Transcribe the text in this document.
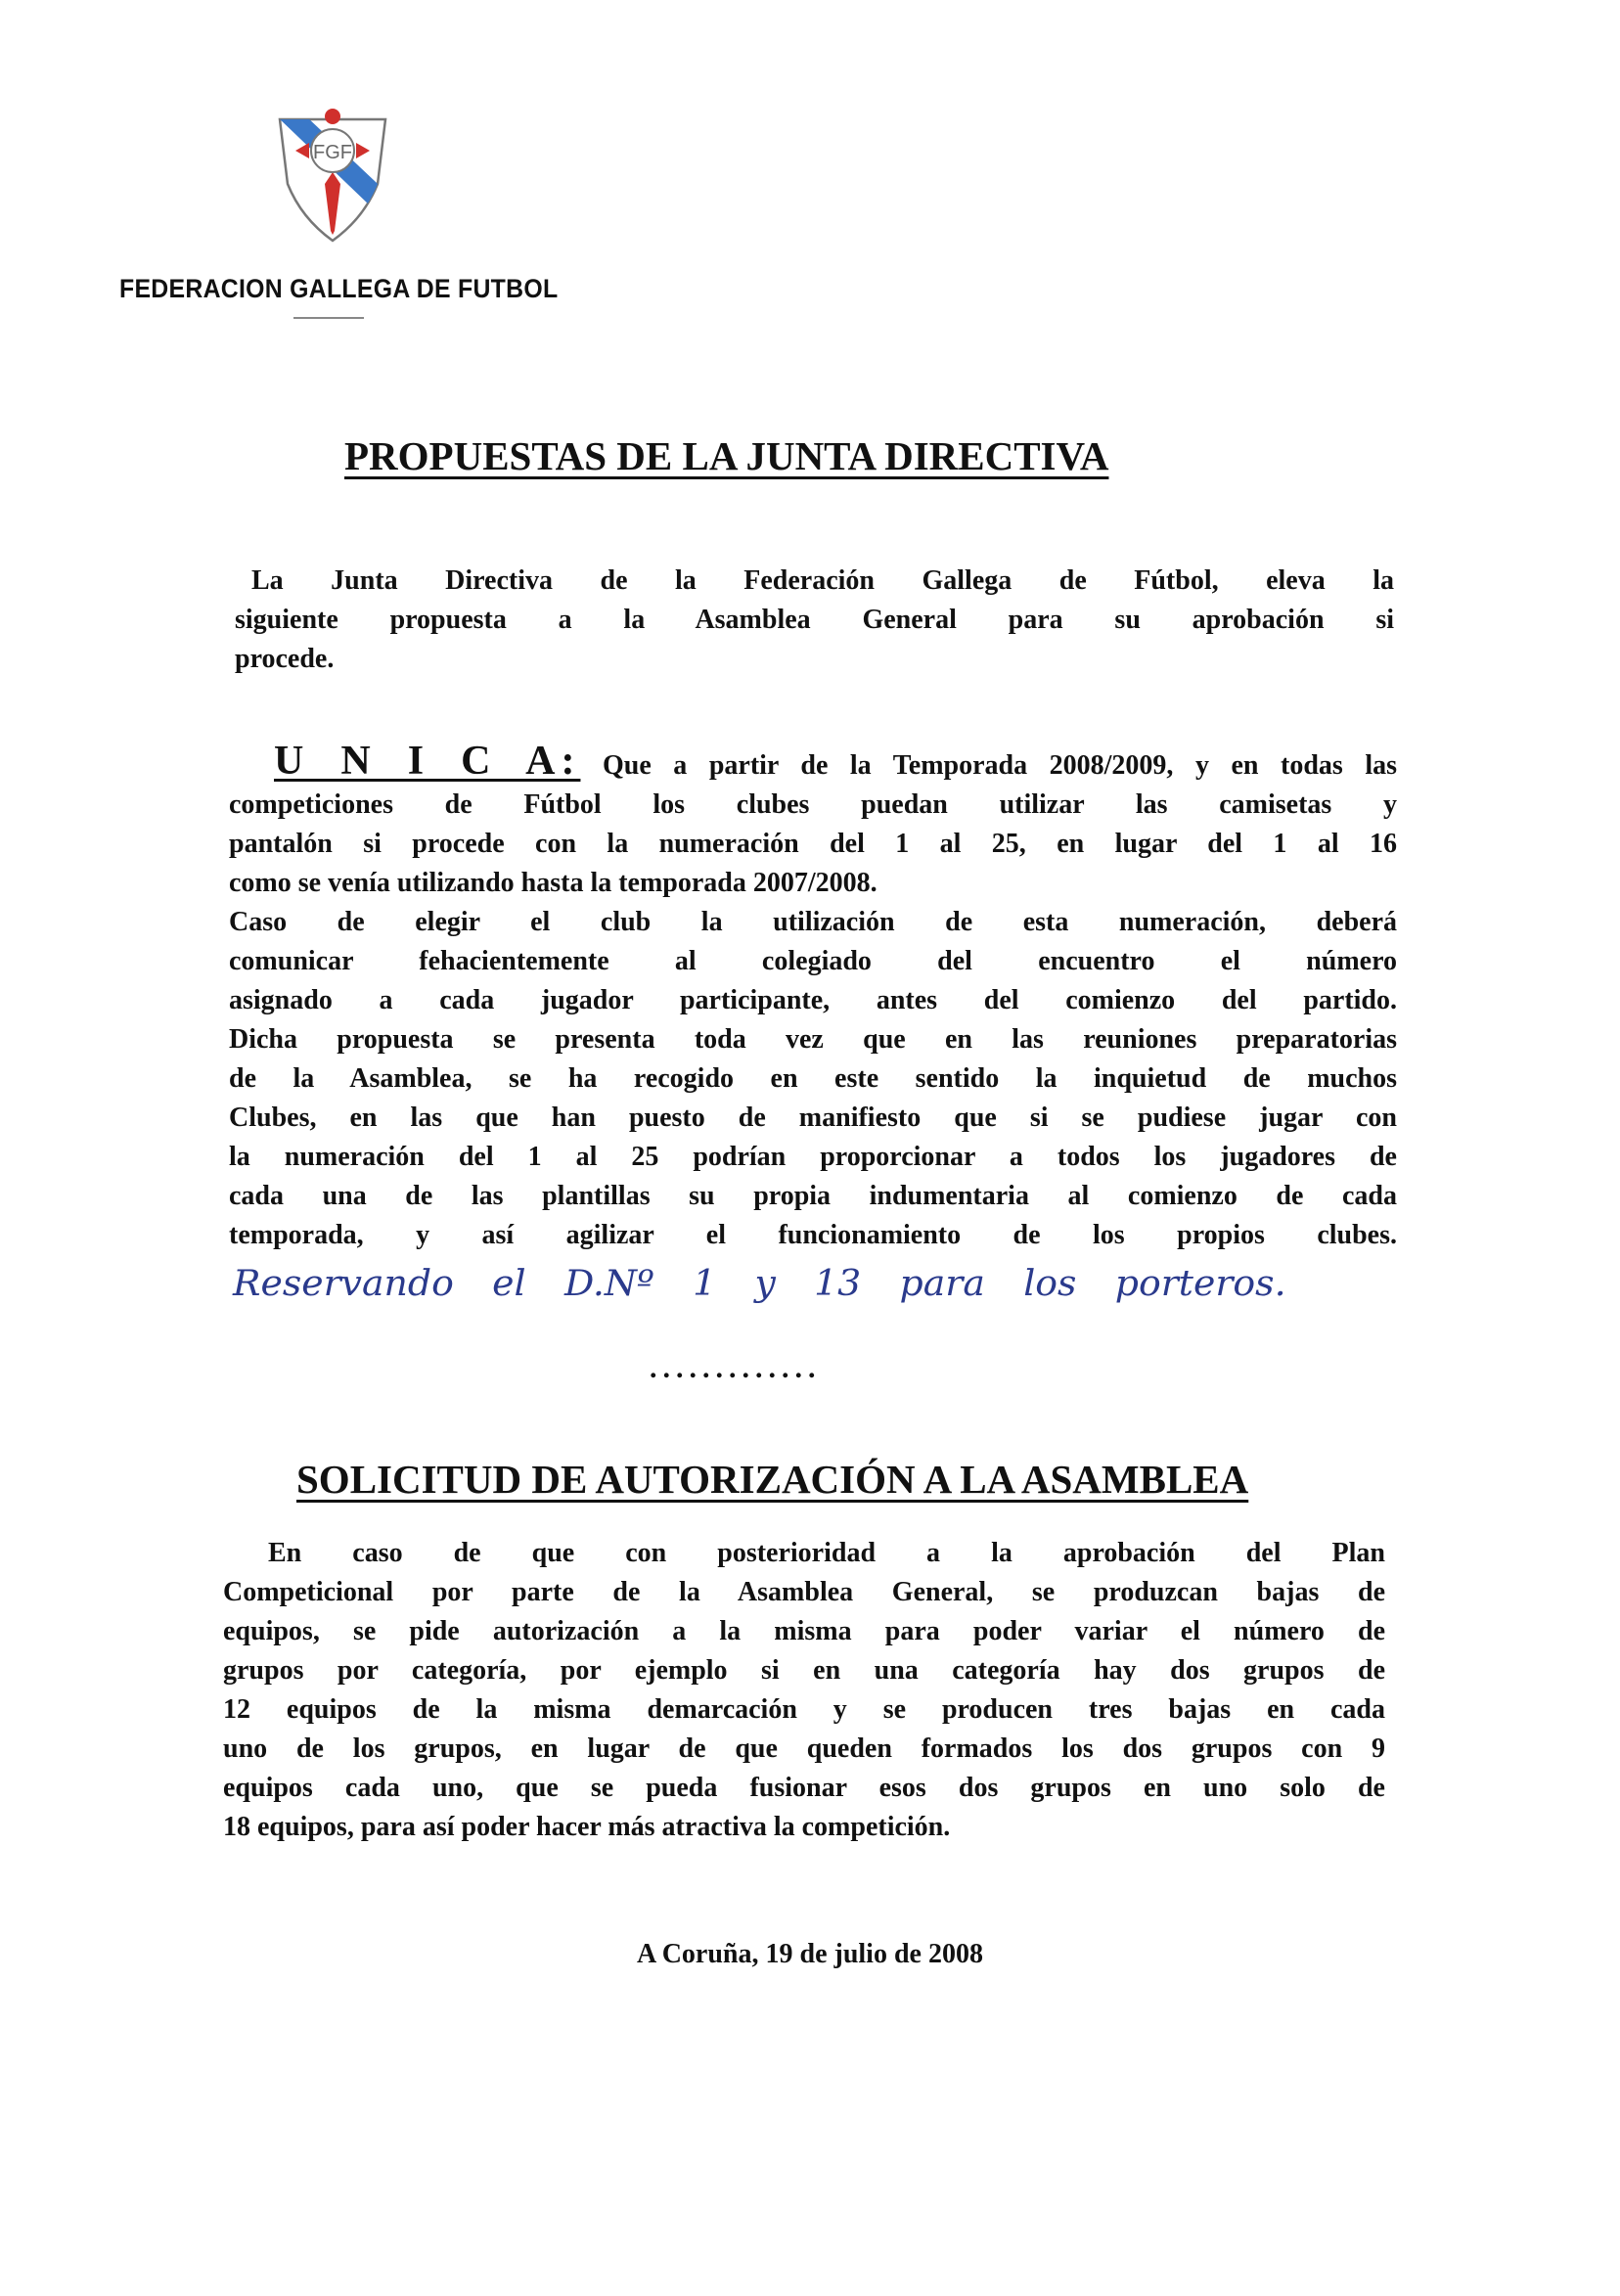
FGF
FEDERACION GALLEGA DE FUTBOL
PROPUESTAS DE LA JUNTA DIRECTIVA
La Junta Directiva de la Federación Gallega de Fútbol, eleva la
siguiente propuesta a la Asamblea General para su aprobación si
procede.
U N I C A: Que a partir de la Temporada 2008/2009, y en todas las
competiciones de Fútbol los clubes puedan utilizar las camisetas y
pantalón si procede con la numeración del 1 al 25, en lugar del 1 al 16
como se venía utilizando hasta la temporada 2007/2008.
Caso de elegir el club la utilización de esta numeración, deberá
comunicar fehacientemente al colegiado del encuentro el número
asignado a cada jugador participante, antes del comienzo del partido.
Dicha propuesta se presenta toda vez que en las reuniones preparatorias
de la Asamblea, se ha recogido en este sentido la inquietud de muchos
Clubes, en las que han puesto de manifiesto que si se pudiese jugar con
la numeración del 1 al 25 podrían proporcionar a todos los jugadores de
cada una de las plantillas su propia indumentaria al comienzo de cada
temporada, y así agilizar el funcionamiento de los propios clubes.
Reservando el D.Nº 1 y 13 para los porteros.
.............
SOLICITUD DE AUTORIZACIÓN A LA ASAMBLEA
En caso de que con posterioridad a la aprobación del Plan
Competicional por parte de la Asamblea General, se produzcan bajas de
equipos, se pide autorización a la misma para poder variar el número de
grupos por categoría, por ejemplo si en una categoría hay dos grupos de
12 equipos de la misma demarcación y se producen tres bajas en cada
uno de los grupos, en lugar de que queden formados los dos grupos con 9
equipos cada uno, que se pueda fusionar esos dos grupos en uno solo de
18 equipos, para así poder hacer más atractiva la competición.
A Coruña, 19 de julio de 2008
